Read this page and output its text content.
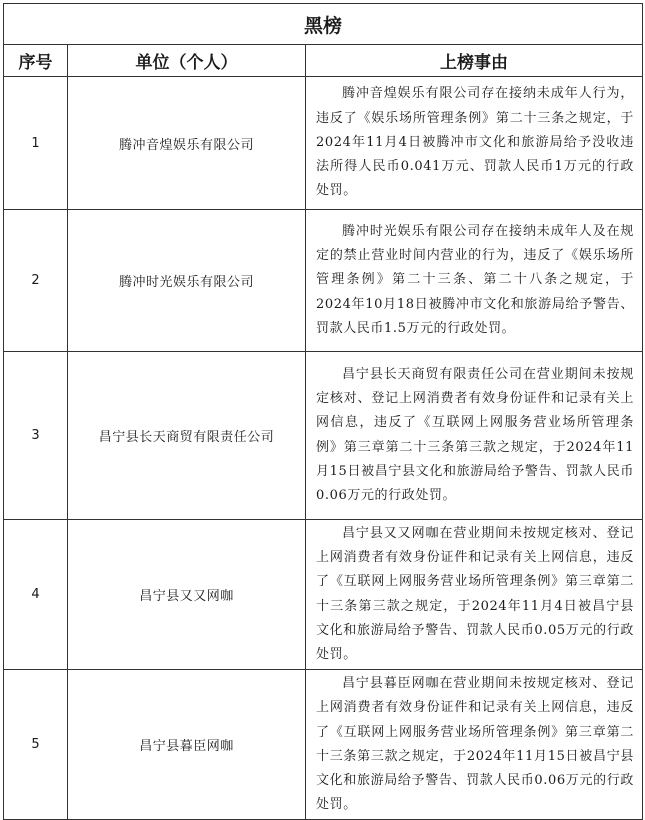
黑榜		
序号	单位（个人）	上榜事由
1	腾冲音煌娱乐有限公司	腾冲音煌娱乐有限公司存在接纳未成年人行为，违反了《娱乐场所管理条例》第二十三条之规定，于2024年11月4日被腾冲市文化和旅游局给予没收违法所得人民币0.041万元、罚款人民币1万元的行政处罚。

2	腾冲时光娱乐有限公司	腾冲时光娱乐有限公司存在接纳未成年人及在规定的禁止营业时间内营业的行为，违反了《娱乐场所管理条例》第二十三条、第二十八条之规定，于2024年10月18日被腾冲市文化和旅游局给予警告、罚款人民币1.5万元的行政处罚。

3	昌宁县长天商贸有限责任公司	昌宁县长天商贸有限责任公司在营业期间未按规定核对、登记上网消费者有效身份证件和记录有关上网信息，违反了《互联网上网服务营业场所管理条例》第三章第二十三条第三款之规定，于2024年11月15日被昌宁县文化和旅游局给予警告、罚款人民币0.06万元的行政处罚。

4	昌宁县又又网咖	昌宁县又又网咖在营业期间未按规定核对、登记上网消费者有效身份证件和记录有关上网信息，违反了《互联网上网服务营业场所管理条例》第三章第二十三条第三款之规定，于2024年11月4日被昌宁县文化和旅游局给予警告、罚款人民币0.05万元的行政处罚。

5	昌宁县暮臣网咖	昌宁县暮臣网咖在营业期间未按规定核对、登记上网消费者有效身份证件和记录有关上网信息，违反了《互联网上网服务营业场所管理条例》第三章第二十三条第三款之规定，于2024年11月15日被昌宁县文化和旅游局给予警告、罚款人民币0.06万元的行政处罚。
